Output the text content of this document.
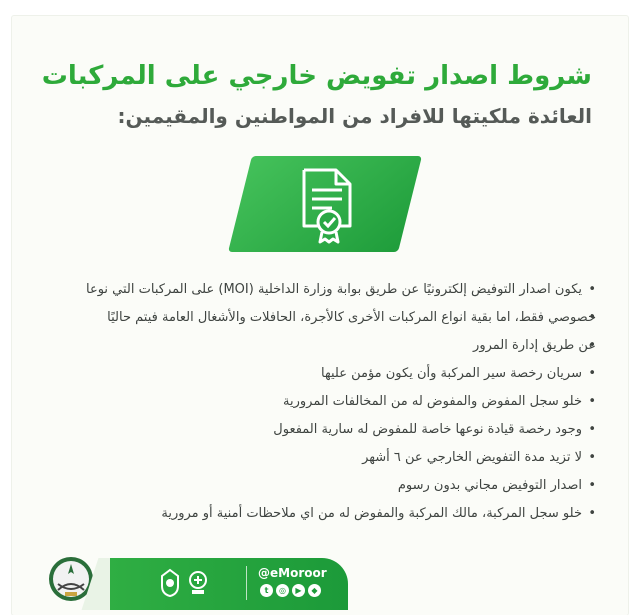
شروط اصدار تفويض خارجي على المركبات
العائدة ملكيتها للافراد من المواطنين والمقيمين:
• يكون اصدار التوفيض إلكترونيًا عن طريق بوابة وزارة الداخلية (MOI) على المركبات التي نوعا
• خصوصي فقط، اما بقية انواع المركبات الأخرى كالأجرة، الحافلات والأشغال العامة فيتم حاليًا
• عن طريق إدارة المرور
• سريان رخصة سير المركبة وأن يكون مؤمن عليها
• خلو سجل المفوض والمفوض له من المخالفات المرورية
• وجود رخصة قيادة نوعها خاصة للمفوض له سارية المفعول
• لا تزيد مدة التفويض الخارجي عن ٦ أشهر
• اصدار التوفيض مجاني بدون رسوم
• خلو سجل المركبة، مالك المركبة والمفوض له من اي ملاحظات أمنية أو مرورية
@eMoroor
t	◎	▶	◆
